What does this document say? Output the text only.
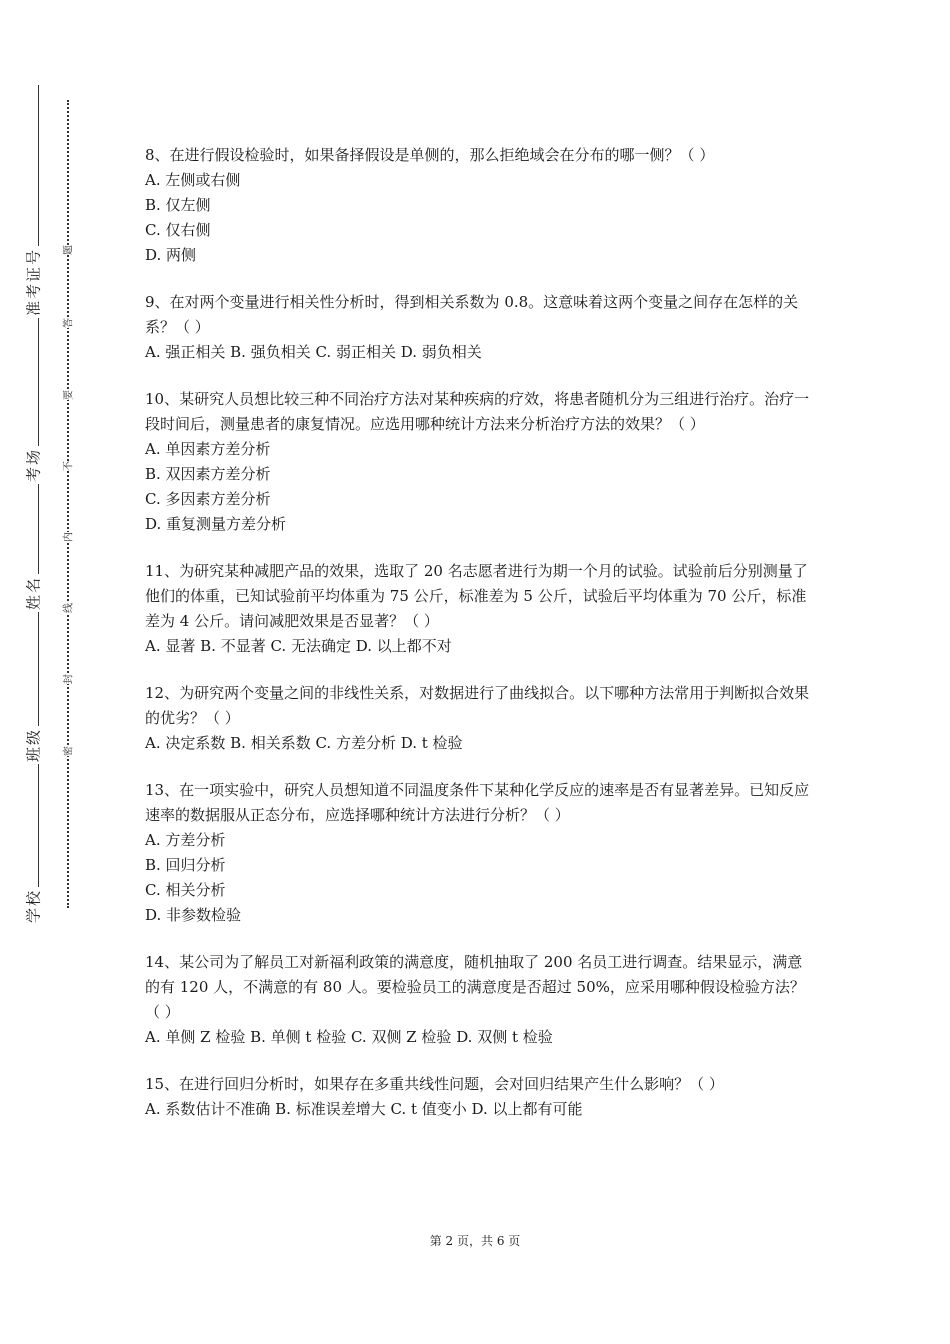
准考证号
考场
姓名
班级
学校
题
答
要
不
内
线
封
密

8、在进行假设检验时，如果备择假设是单侧的，那么拒绝域会在分布的哪一侧？（ ）

A. 左侧或右侧

B. 仅左侧

C. 仅右侧

D. 两侧

9、在对两个变量进行相关性分析时，得到相关系数为 0.8。这意味着这两个变量之间存在怎样的关系？（ ）

A. 强正相关 B. 强负相关 C. 弱正相关 D. 弱负相关

10、某研究人员想比较三种不同治疗方法对某种疾病的疗效，将患者随机分为三组进行治疗。治疗一段时间后，测量患者的康复情况。应选用哪种统计方法来分析治疗方法的效果？（ ）

A. 单因素方差分析

B. 双因素方差分析

C. 多因素方差分析

D. 重复测量方差分析

11、为研究某种减肥产品的效果，选取了 20 名志愿者进行为期一个月的试验。试验前后分别测量了他们的体重，已知试验前平均体重为 75 公斤，标准差为 5 公斤，试验后平均体重为 70 公斤，标准差为 4 公斤。请问减肥效果是否显著？（ ）

A. 显著 B. 不显著 C. 无法确定 D. 以上都不对

12、为研究两个变量之间的非线性关系，对数据进行了曲线拟合。以下哪种方法常用于判断拟合效果的优劣？（ ）

A. 决定系数 B. 相关系数 C. 方差分析 D. t 检验

13、在一项实验中，研究人员想知道不同温度条件下某种化学反应的速率是否有显著差异。已知反应速率的数据服从正态分布，应选择哪种统计方法进行分析？（ ）

A. 方差分析

B. 回归分析

C. 相关分析

D. 非参数检验

14、某公司为了解员工对新福利政策的满意度，随机抽取了 200 名员工进行调查。结果显示，满意的有 120 人，不满意的有 80 人。要检验员工的满意度是否超过 50%，应采用哪种假设检验方法？（ ）

A. 单侧 Z 检验 B. 单侧 t 检验 C. 双侧 Z 检验 D. 双侧 t 检验

15、在进行回归分析时，如果存在多重共线性问题，会对回归结果产生什么影响？（ ）

A. 系数估计不准确 B. 标准误差增大 C. t 值变小 D. 以上都有可能

第 2 页，共 6 页
